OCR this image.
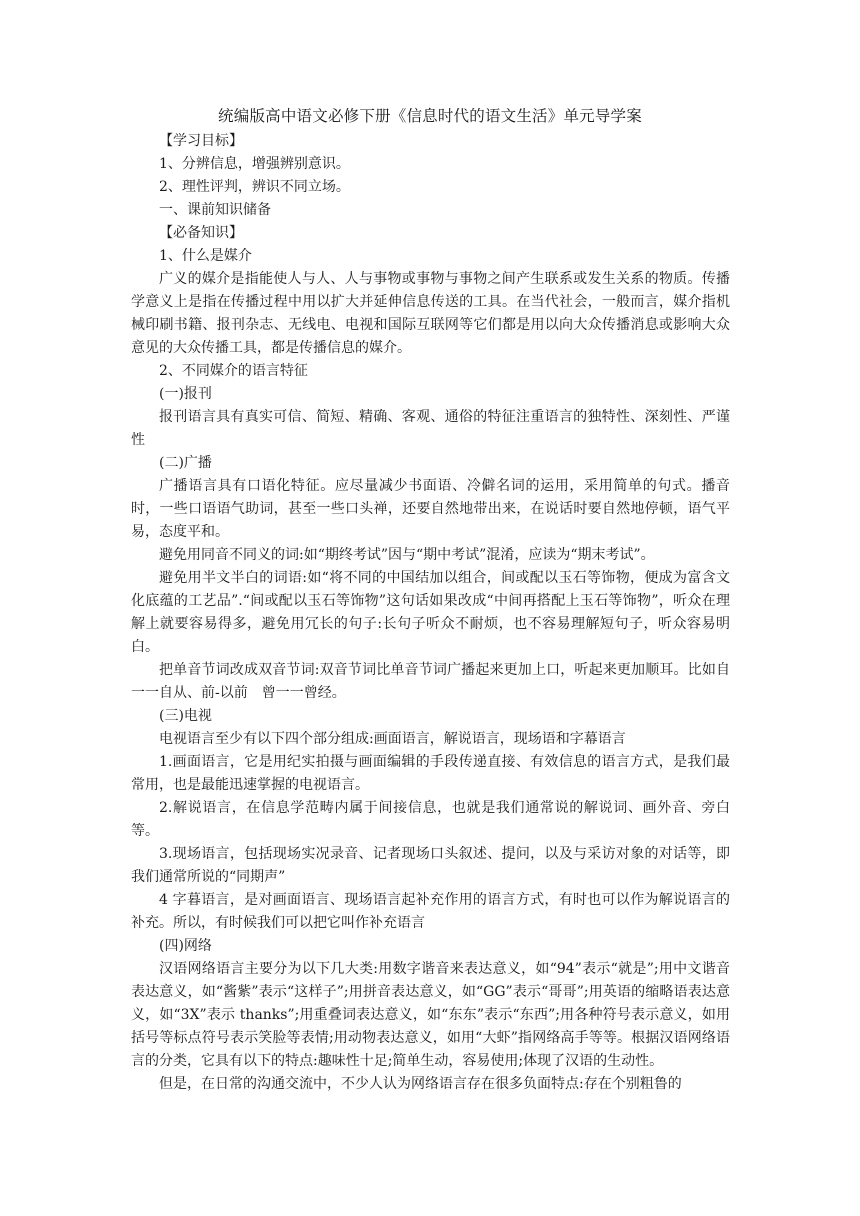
统编版高中语文必修下册《信息时代的语文生活》单元导学案

【学习目标】

1、分辨信息，增强辨别意识。

2、理性评判，辨识不同立场。

一、课前知识储备

【必备知识】

1、什么是媒介

广义的媒介是指能使人与人、人与事物或事物与事物之间产生联系或发生关系的物质。传播学意义上是指在传播过程中用以扩大并延伸信息传送的工具。在当代社会，一般而言，媒介指机械印刷书籍、报刊杂志、无线电、电视和国际互联网等它们都是用以向大众传播消息或影响大众意见的大众传播工具，都是传播信息的媒介。

2、不同媒介的语言特征

(一)报刊

报刊语言具有真实可信、简短、精确、客观、通俗的特征注重语言的独特性、深刻性、严谨性

(二)广播

广播语言具有口语化特征。应尽量减少书面语、冷僻名词的运用，采用简单的句式。播音时，一些口语语气助词，甚至一些口头禅，还要自然地带出来，在说话时要自然地停顿，语气平易，态度平和。

避免用同音不同义的词:如“期终考试”因与“期中考试”混淆，应读为“期末考试”。

避免用半文半白的词语:如“将不同的中国结加以组合，间或配以玉石等饰物，便成为富含文化底蕴的工艺品”.“间或配以玉石等饰物”这句话如果改成“中间再搭配上玉石等饰物”，听众在理解上就要容易得多，避免用冗长的句子:长句子听众不耐烦，也不容易理解短句子，听众容易明白。

把单音节词改成双音节词:双音节词比单音节词广播起来更加上口，听起来更加顺耳。比如自一一自从、前-以前　曾一一曾经。

(三)电视

电视语言至少有以下四个部分组成:画面语言，解说语言，现场语和字幕语言

1.画面语言，它是用纪实拍摄与画面编辑的手段传递直接、有效信息的语言方式，是我们最常用，也是最能迅速掌握的电视语言。

2.解说语言，在信息学范畴内属于间接信息，也就是我们通常说的解说词、画外音、旁白等。

3.现场语言，包括现场实况录音、记者现场口头叙述、提问，以及与采访对象的对话等，即我们通常所说的“同期声”

4 字暮语言，是对画面语言、现场语言起补充作用的语言方式，有时也可以作为解说语言的补充。所以，有时候我们可以把它叫作补充语言

(四)网络

汉语网络语言主要分为以下几大类:用数字谐音来表达意义，如“94”表示“就是”;用中文谐音表达意义，如“酱紫”表示“这样子”;用拼音表达意义，如“GG”表示“哥哥”;用英语的缩略语表达意义，如“3X”表示 thanks”;用重叠词表达意义，如“东东”表示“东西”;用各种符号表示意义，如用括号等标点符号表示笑脸等表情;用动物表达意义，如用“大虾”指网络高手等等。根据汉语网络语言的分类，它具有以下的特点:趣味性十足;简单生动，容易使用;体现了汉语的生动性。

但是，在日常的沟通交流中，不少人认为网络语言存在很多负面特点:存在个别粗鲁的
